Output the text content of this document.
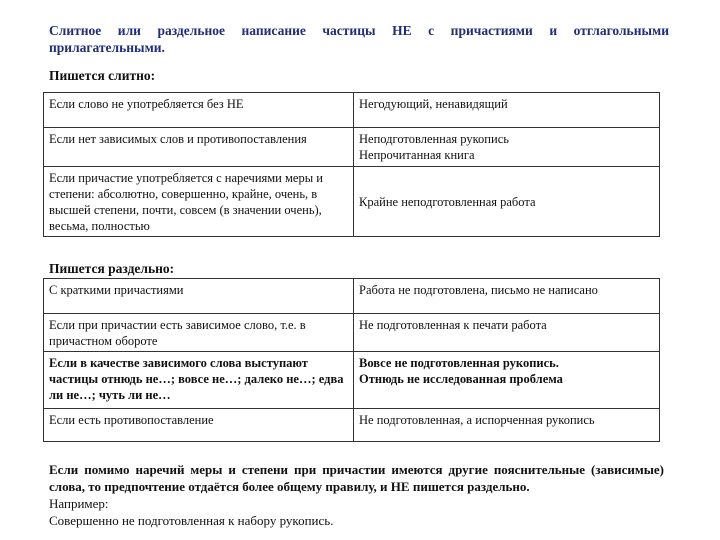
Слитное или раздельное написание частицы НЕ с причастиями и отглагольными прилагательными.
Пишется слитно:
Если слово не употребляется без НЕ	Негодующий, ненавидящий

Если нет зависимых слов и противопоставления	Неподготовленная рукопись
Непрочитанная книга

Если причастие употребляется с наречиями меры и степени: абсолютно, совершенно, крайне, очень, в высшей степени, почти, совсем (в значении очень), весьма, полностью	Крайне неподготовленная работа
Пишется раздельно:
С краткими причастиями	Работа не подготовлена, письмо не написано

Если при причастии есть зависимое слово, т.е. в причастном обороте	Не подготовленная к печати работа

Если в качестве зависимого слова выступают частицы отнюдь не…; вовсе не…; далеко не…; едва ли не…; чуть ли не…	Вовсе не подготовленная рукопись.
Отнюдь не исследованная проблема

Если есть противопоставление	Не подготовленная, а испорченная рукопись
Если помимо наречий меры и степени при причастии имеются другие пояснительные (зависимые) слова, то предпочтение отдаётся более общему правилу, и НЕ пишется раздельно.
Например:
Совершенно не подготовленная к набору рукопись.
